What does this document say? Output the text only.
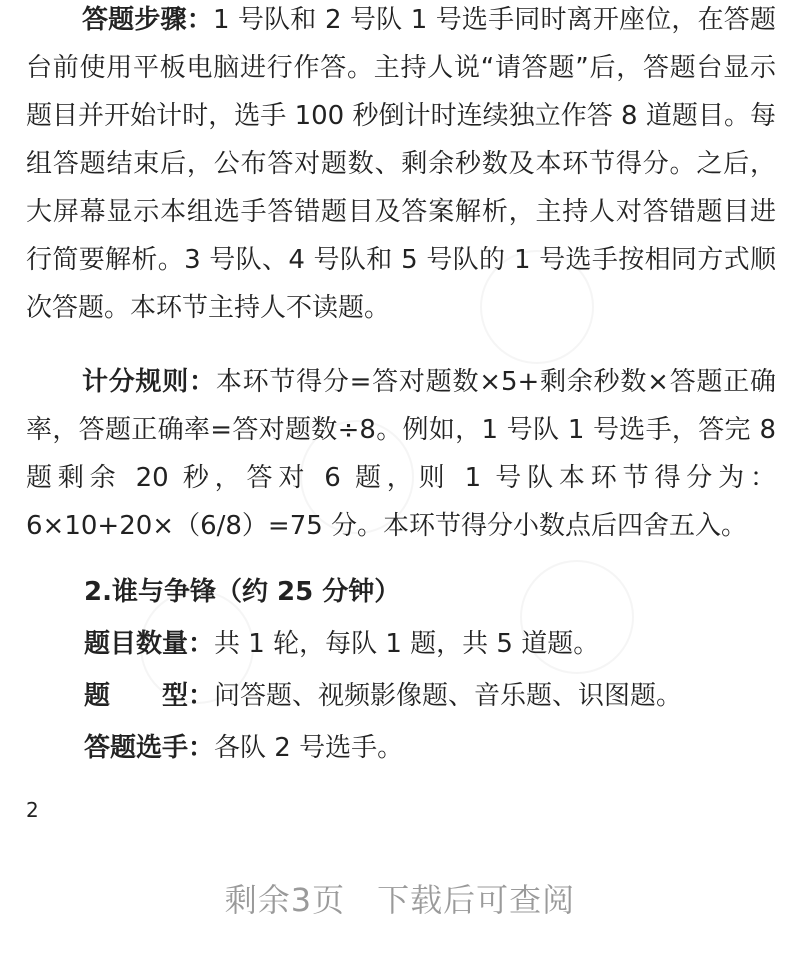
答题步骤：1 号队和 2 号队 1 号选手同时离开座位，在答题台前使用平板电脑进行作答。主持人说“请答题”后，答题台显示题目并开始计时，选手 100 秒倒计时连续独立作答 8 道题目。每组答题结束后，公布答对题数、剩余秒数及本环节得分。之后，大屏幕显示本组选手答错题目及答案解析，主持人对答错题目进行简要解析。3 号队、4 号队和 5 号队的 1 号选手按相同方式顺次答题。本环节主持人不读题。

计分规则：本环节得分=答对题数×5+剩余秒数×答题正确率，答题正确率=答对题数÷8。例如，1 号队 1 号选手，答完 8 题剩余 20 秒，答对 6 题，则 1 号队本环节得分为：6×10+20×（6/8）=75 分。本环节得分小数点后四舍五入。

2.谁与争锋（约 25 分钟）

题目数量：共 1 轮，每队 1 题，共 5 道题。

题　　型：问答题、视频影像题、音乐题、识图题。

答题选手：各队 2 号选手。

2
剩余3页 下载后可查阅
